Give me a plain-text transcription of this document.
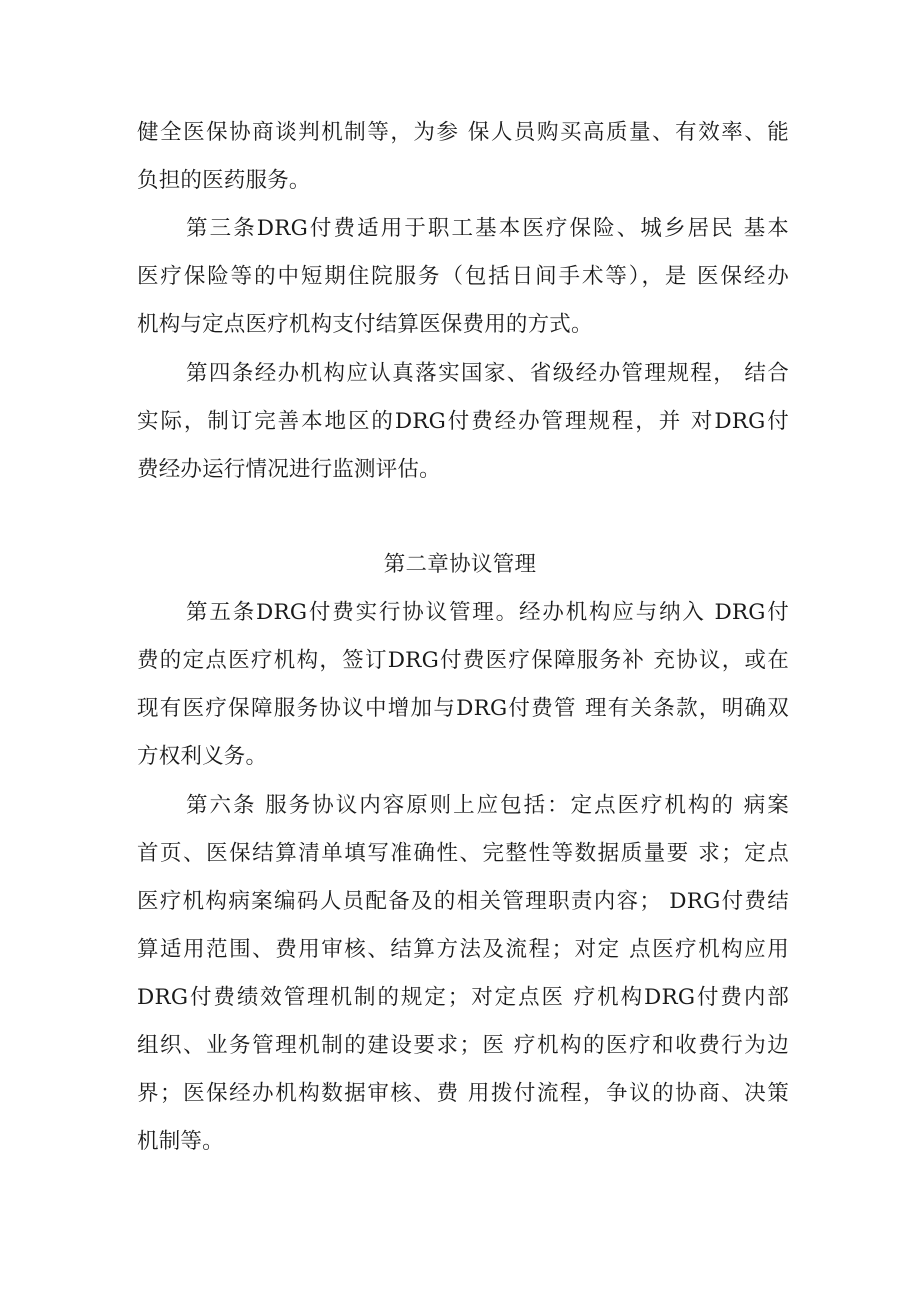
健全医保协商谈判机制等，为参 保人员购买高质量、有效率、能
负担的医药服务。
第三条DRG付费适用于职工基本医疗保险、城乡居民 基本
医疗保险等的中短期住院服务（包括日间手术等），是 医保经办
机构与定点医疗机构支付结算医保费用的方式。
第四条经办机构应认真落实国家、省级经办管理规程， 结合
实际，制订完善本地区的DRG付费经办管理规程，并 对DRG付
费经办运行情况进行监测评估。
第二章协议管理
第五条DRG付费实行协议管理。经办机构应与纳入 DRG付
费的定点医疗机构，签订DRG付费医疗保障服务补 充协议，或在
现有医疗保障服务协议中增加与DRG付费管 理有关条款，明确双
方权利义务。
第六条 服务协议内容原则上应包括：定点医疗机构的 病案
首页、医保结算清单填写准确性、完整性等数据质量要 求；定点
医疗机构病案编码人员配备及的相关管理职责内容； DRG付费结
算适用范围、费用审核、结算方法及流程；对定 点医疗机构应用
DRG付费绩效管理机制的规定；对定点医 疗机构DRG付费内部
组织、业务管理机制的建设要求；医 疗机构的医疗和收费行为边
界；医保经办机构数据审核、费 用拨付流程，争议的协商、决策
机制等。
